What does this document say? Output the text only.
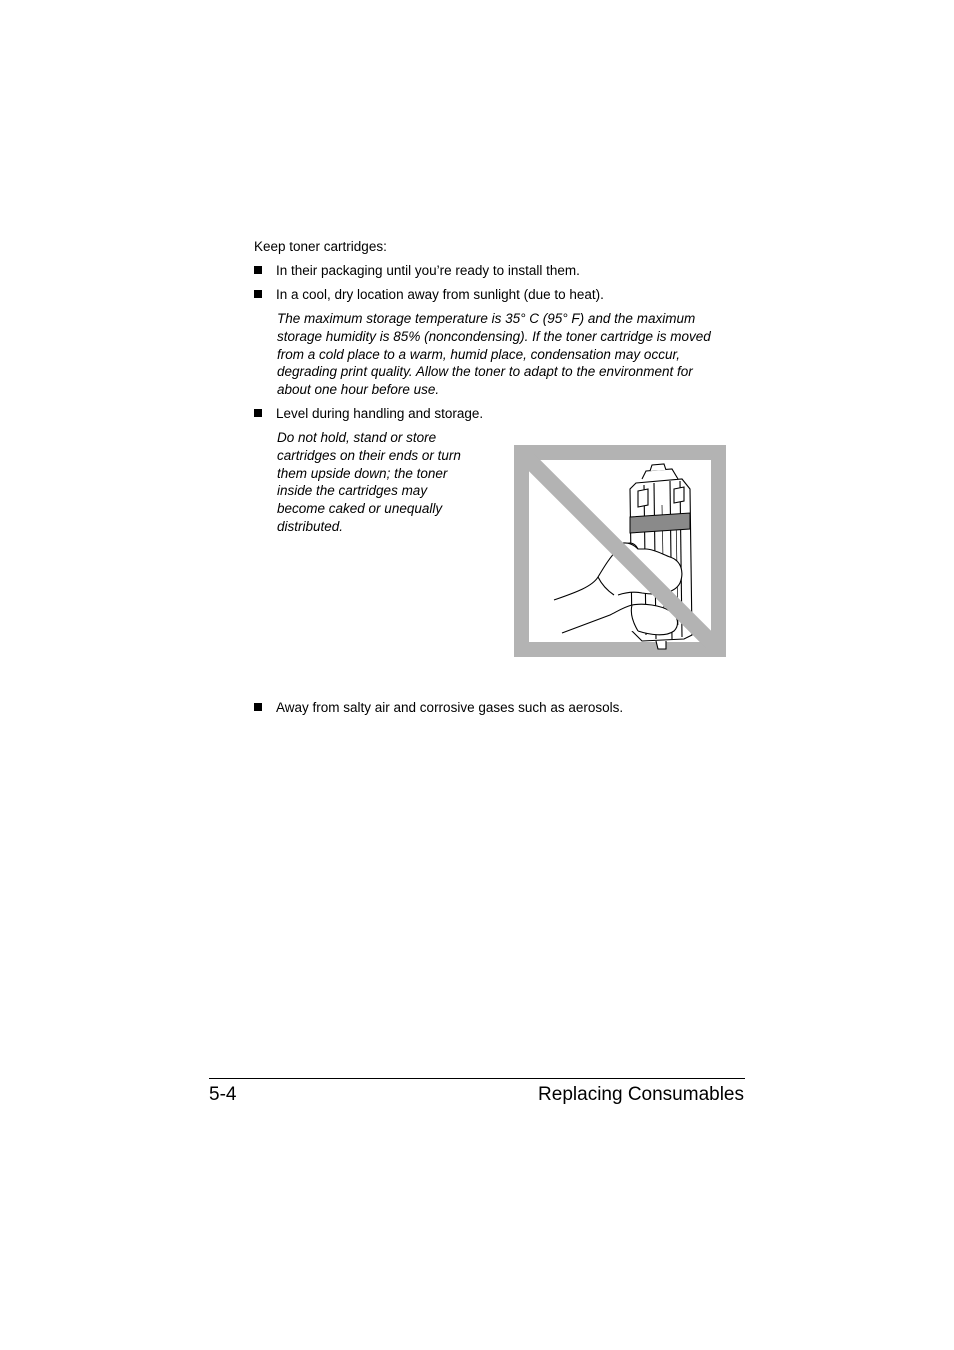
Keep toner cartridges:
In their packaging until you’re ready to install them.
In a cool, dry location away from sunlight (due to heat).
The maximum storage temperature is 35° C (95° F) and the maximum
storage humidity is 85% (noncondensing). If the toner cartridge is moved
from a cold place to a warm, humid place, condensation may occur,
degrading print quality. Allow the toner to adapt to the environment for
about one hour before use.
Level during handling and storage.
Do not hold, stand or store
cartridges on their ends or turn
them upside down; the toner
inside the cartridges may
become caked or unequally
distributed.
Away from salty air and corrosive gases such as aerosols.
5-4	Replacing Consumables
